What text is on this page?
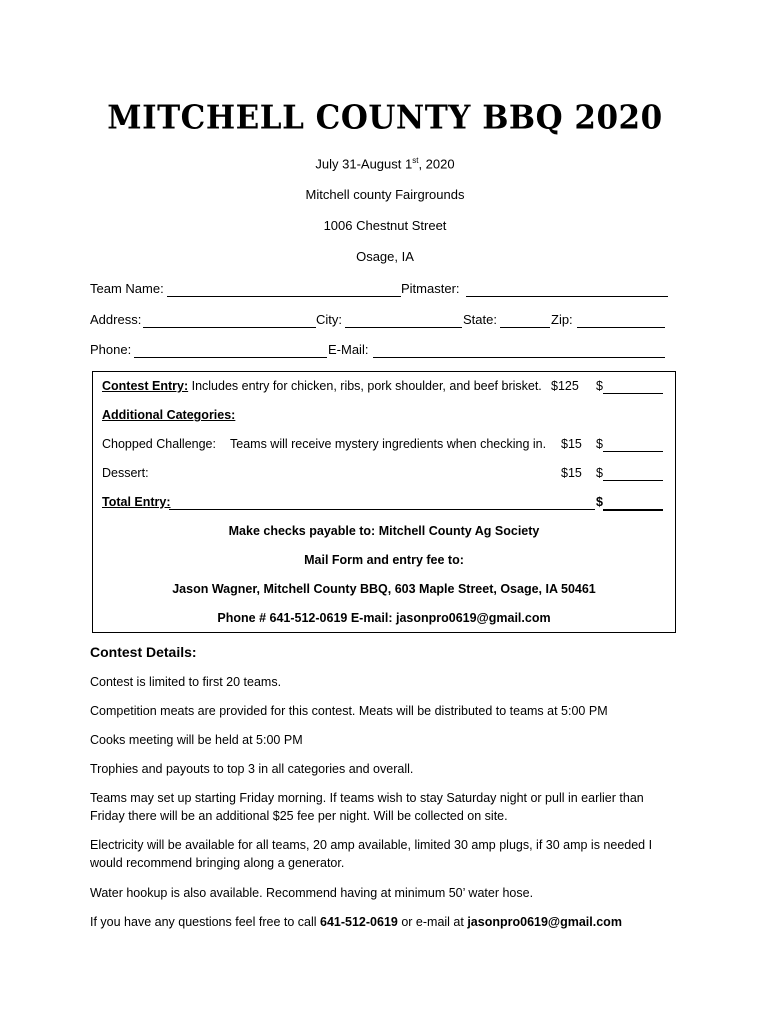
MITCHELL COUNTY BBQ 2020
July 31-August 1st, 2020
Mitchell county Fairgrounds
1006 Chestnut Street
Osage, IA
Team Name:	Pitmaster:
Address:	City:	State:	Zip:
Phone:	E-Mail:
Contest Entry: Includes entry for chicken, ribs, pork shoulder, and beef brisket. $125 $
Additional Categories:
Chopped Challenge: Teams will receive mystery ingredients when checking in. $15 $
Dessert:	$15 $
Total Entry:	$
Make checks payable to: Mitchell County Ag Society
Mail Form and entry fee to:
Jason Wagner, Mitchell County BBQ, 603 Maple Street, Osage, IA 50461
Phone # 641-512-0619 E-mail: jasonpro0619@gmail.com
Contest Details:
Contest is limited to first 20 teams.
Competition meats are provided for this contest. Meats will be distributed to teams at 5:00 PM
Cooks meeting will be held at 5:00 PM
Trophies and payouts to top 3 in all categories and overall.
Teams may set up starting Friday morning. If teams wish to stay Saturday night or pull in earlier than
Friday there will be an additional $25 fee per night. Will be collected on site.
Electricity will be available for all teams, 20 amp available, limited 30 amp plugs, if 30 amp is needed I
would recommend bringing along a generator.
Water hookup is also available. Recommend having at minimum 50’ water hose.
If you have any questions feel free to call 641-512-0619 or e-mail at jasonpro0619@gmail.com
